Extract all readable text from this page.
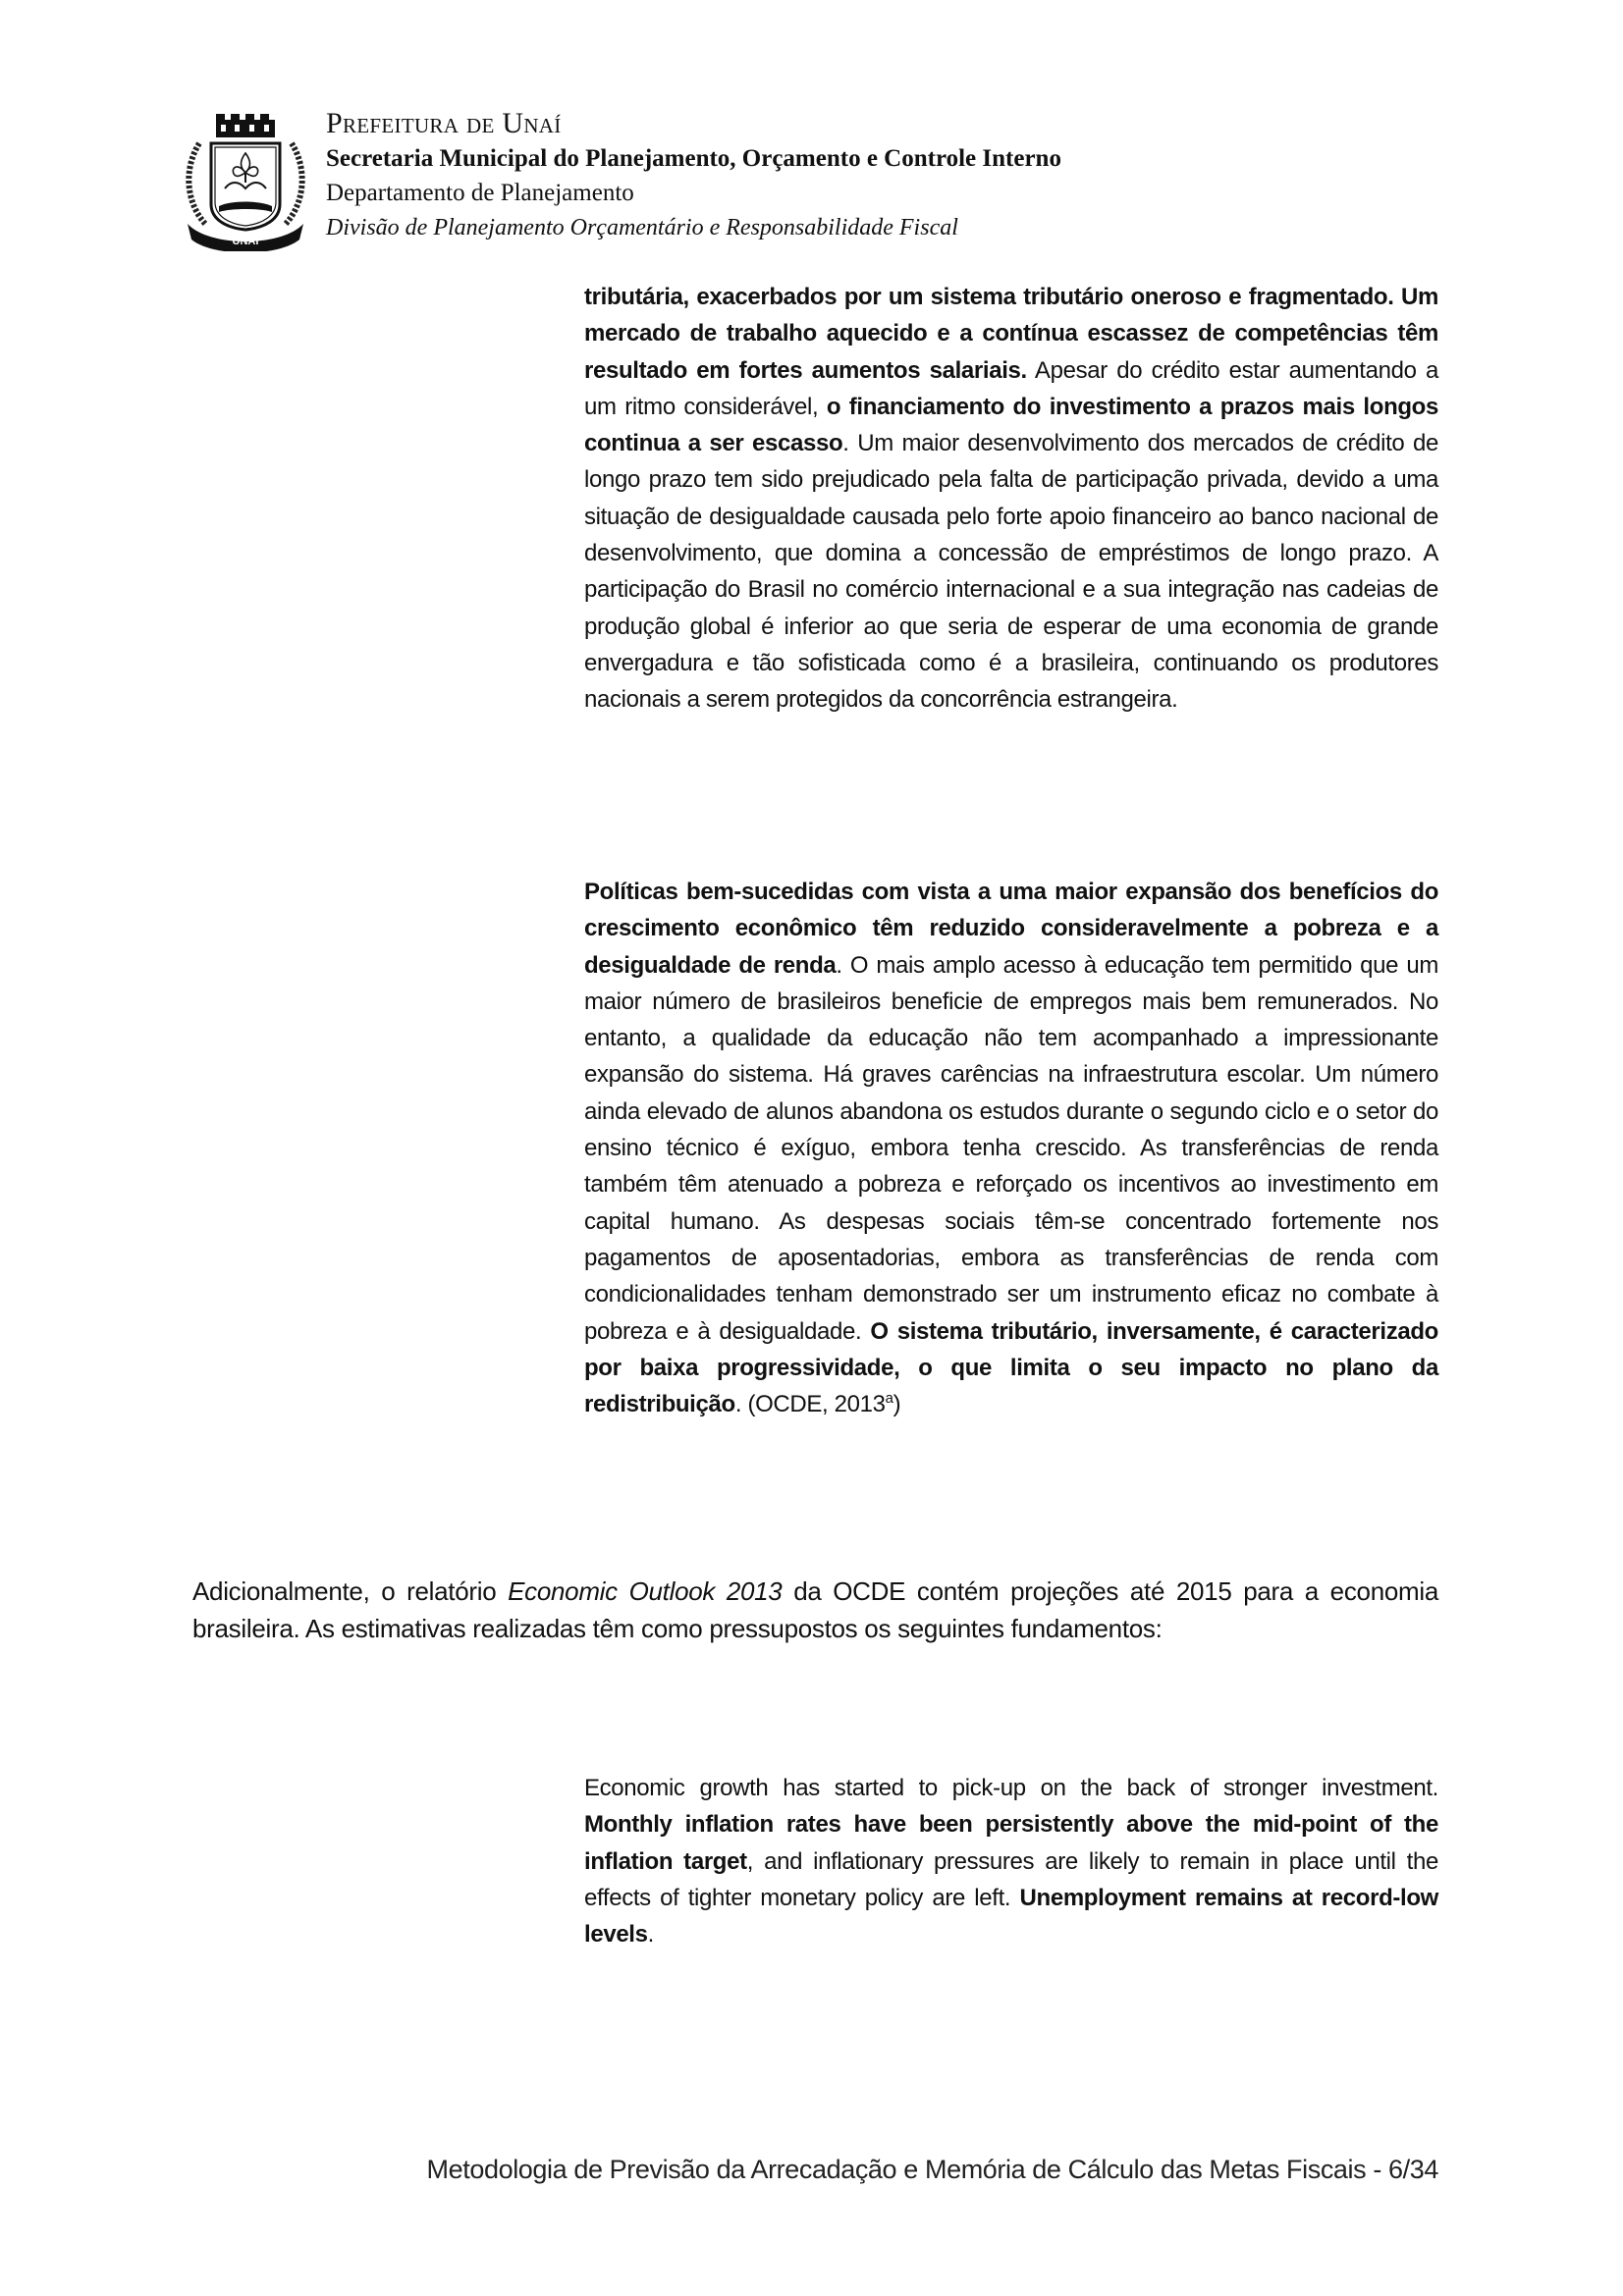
UNAÍ
Prefeitura de Unaí
Secretaria Municipal do Planejamento, Orçamento e Controle Interno
Departamento de Planejamento
Divisão de Planejamento Orçamentário e Responsabilidade Fiscal
tributária, exacerbados por um sistema tributário oneroso e fragmentado. Um mercado de trabalho aquecido e a contínua escassez de competências têm resultado em fortes aumentos salariais. Apesar do crédito estar aumentando a um ritmo considerável, o financiamento do investimento a prazos mais longos continua a ser escasso. Um maior desenvolvimento dos mercados de crédito de longo prazo tem sido prejudicado pela falta de participação privada, devido a uma situação de desigualdade causada pelo forte apoio financeiro ao banco nacional de desenvolvimento, que domina a concessão de empréstimos de longo prazo. A participação do Brasil no comércio internacional e a sua integração nas cadeias de produção global é inferior ao que seria de esperar de uma economia de grande envergadura e tão sofisticada como é a brasileira, continuando os produtores nacionais a serem protegidos da concorrência estrangeira.
Políticas bem-sucedidas com vista a uma maior expansão dos benefícios do crescimento econômico têm reduzido consideravelmente a pobreza e a desigualdade de renda. O mais amplo acesso à educação tem permitido que um maior número de brasileiros beneficie de empregos mais bem remunerados. No entanto, a qualidade da educação não tem acompanhado a impressionante expansão do sistema. Há graves carências na infraestrutura escolar. Um número ainda elevado de alunos abandona os estudos durante o segundo ciclo e o setor do ensino técnico é exíguo, embora tenha crescido. As transferências de renda também têm atenuado a pobreza e reforçado os incentivos ao investimento em capital humano. As despesas sociais têm-se concentrado fortemente nos pagamentos de aposentadorias, embora as transferências de renda com condicionalidades tenham demonstrado ser um instrumento eficaz no combate à pobreza e à desigualdade. O sistema tributário, inversamente, é caracterizado por baixa progressividade, o que limita o seu impacto no plano da redistribuição. (OCDE, 2013$^a$)
Adicionalmente, o relatório Economic Outlook 2013 da OCDE contém projeções até 2015 para a economia brasileira. As estimativas realizadas têm como pressupostos os seguintes fundamentos:
Economic growth has started to pick-up on the back of stronger investment. Monthly inflation rates have been persistently above the mid-point of the inflation target, and inflationary pressures are likely to remain in place until the effects of tighter monetary policy are left. Unemployment remains at record-low levels.
Metodologia de Previsão da Arrecadação e Memória de Cálculo das Metas Fiscais - 6/34
